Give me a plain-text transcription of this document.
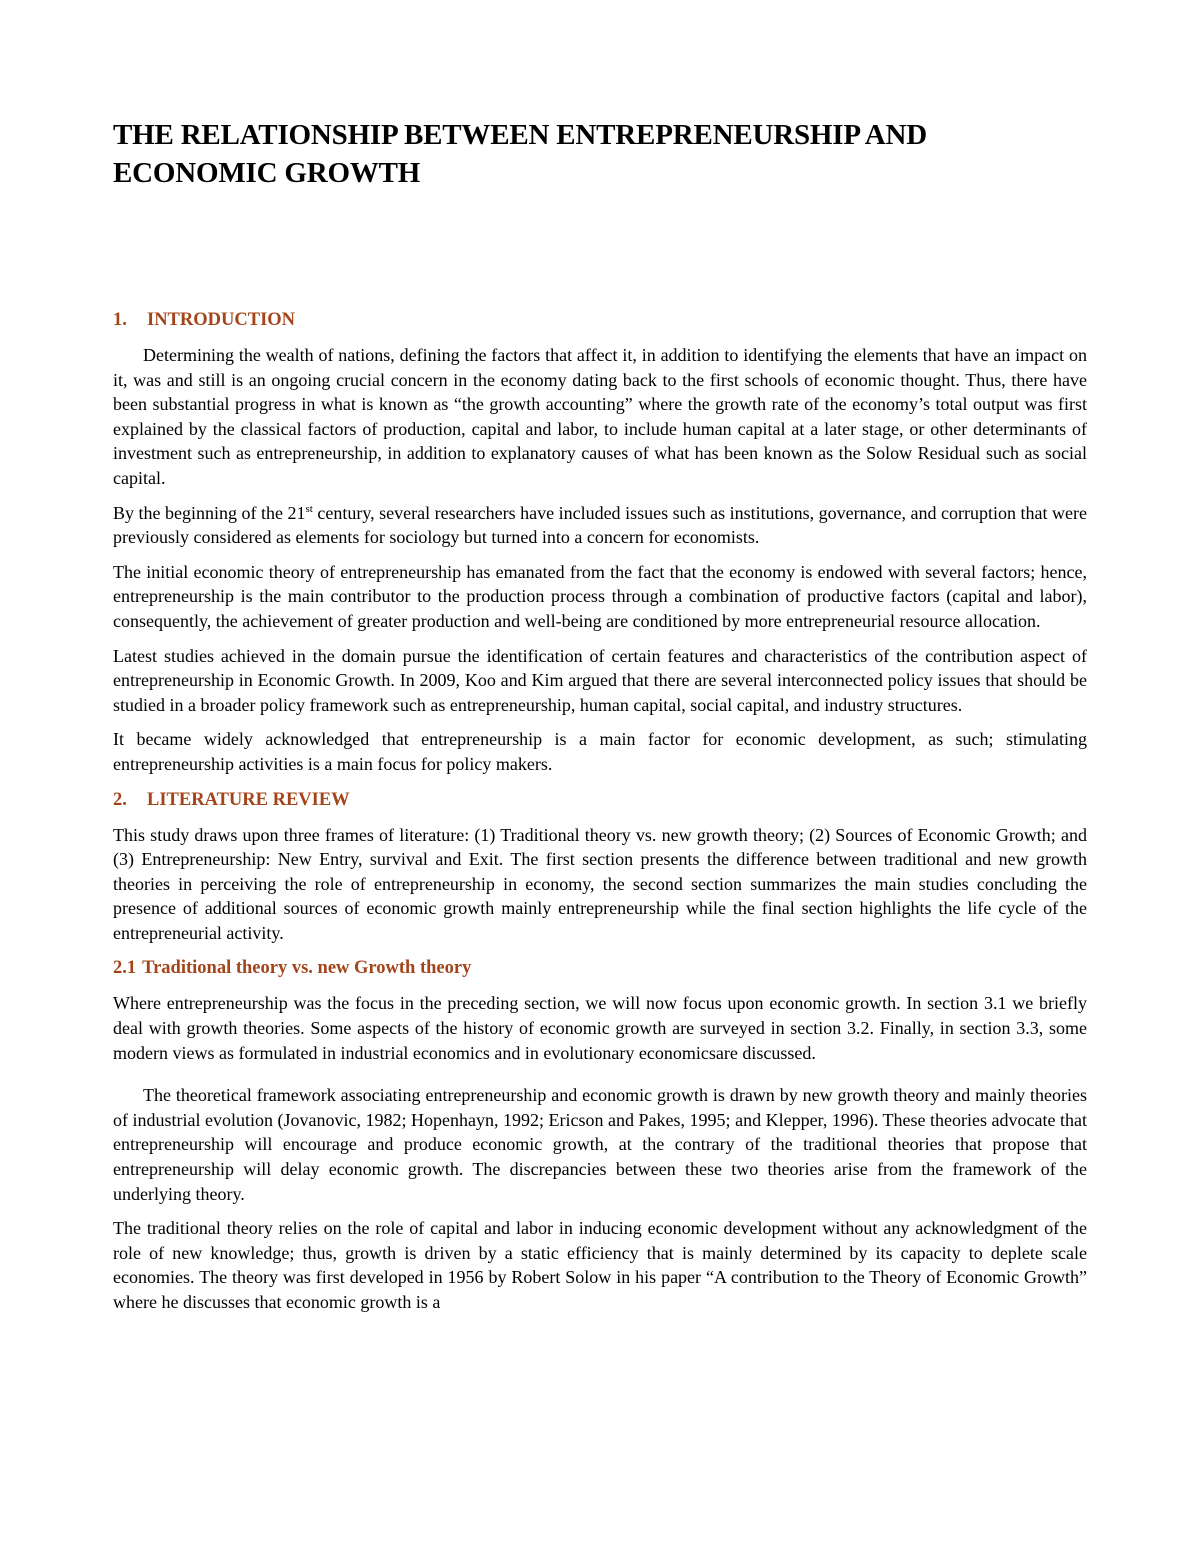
THE RELATIONSHIP BETWEEN ENTREPRENEURSHIP AND
ECONOMIC GROWTH
1. INTRODUCTION

Determining the wealth of nations, defining the factors that affect it, in addition to identifying the elements that have an impact on it, was and still is an ongoing crucial concern in the economy dating back to the first schools of economic thought. Thus, there have been substantial progress in what is known as “the growth accounting” where the growth rate of the economy’s total output was first explained by the classical factors of production, capital and labor, to include human capital at a later stage, or other determinants of investment such as entrepreneurship, in addition to explanatory causes of what has been known as the Solow Residual such as social capital.

By the beginning of the 21st century, several researchers have included issues such as institutions, governance, and corruption that were previously considered as elements for sociology but turned into a concern for economists.

The initial economic theory of entrepreneurship has emanated from the fact that the economy is endowed with several factors; hence, entrepreneurship is the main contributor to the production process through a combination of productive factors (capital and labor), consequently, the achievement of greater production and well-being are conditioned by more entrepreneurial resource allocation.

Latest studies achieved in the domain pursue the identification of certain features and characteristics of the contribution aspect of entrepreneurship in Economic Growth. In 2009, Koo and Kim argued that there are several interconnected policy issues that should be studied in a broader policy framework such as entrepreneurship, human capital, social capital, and industry structures.

It became widely acknowledged that entrepreneurship is a main factor for economic development, as such; stimulating entrepreneurship activities is a main focus for policy makers.

2. LITERATURE REVIEW

This study draws upon three frames of literature: (1) Traditional theory vs. new growth theory; (2) Sources of Economic Growth; and (3) Entrepreneurship: New Entry, survival and Exit. The first section presents the difference between traditional and new growth theories in perceiving the role of entrepreneurship in economy, the second section summarizes the main studies concluding the presence of additional sources of economic growth mainly entrepreneurship while the final section highlights the life cycle of the entrepreneurial activity.

2.1 Traditional theory vs. new Growth theory

Where entrepreneurship was the focus in the preceding section, we will now focus upon economic growth. In section 3.1 we briefly deal with growth theories. Some aspects of the history of economic growth are surveyed in section 3.2. Finally, in section 3.3, some modern views as formulated in industrial economics and in evolutionary economicsare discussed.

The theoretical framework associating entrepreneurship and economic growth is drawn by new growth theory and mainly theories of industrial evolution (Jovanovic, 1982; Hopenhayn, 1992; Ericson and Pakes, 1995; and Klepper, 1996). These theories advocate that entrepreneurship will encourage and produce economic growth, at the contrary of the traditional theories that propose that entrepreneurship will delay economic growth. The discrepancies between these two theories arise from the framework of the underlying theory.

The traditional theory relies on the role of capital and labor in inducing economic development without any acknowledgment of the role of new knowledge; thus, growth is driven by a static efficiency that is mainly determined by its capacity to deplete scale economies. The theory was first developed in 1956 by Robert Solow in his paper “A contribution to the Theory of Economic Growth” where he discusses that economic growth is a
